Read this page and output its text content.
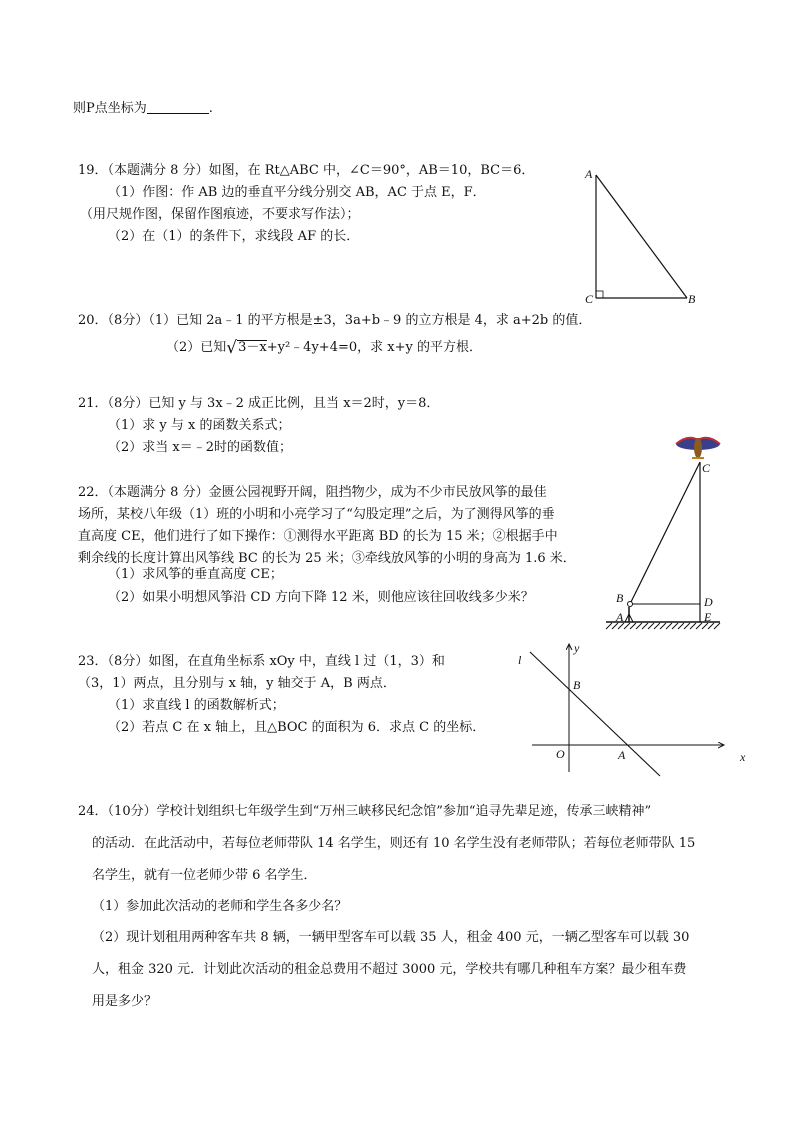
则P点坐标为	.
19．（本题满分 8 分）如图，在 Rt△ABC 中，∠C＝90°，AB＝10，BC＝6．
（1）作图：作 AB 边的垂直平分线分别交 AB，AC 于点 E，F．
（用尺规作图，保留作图痕迹，不要求写作法）；
（2）在（1）的条件下，求线段 AF 的长．
A
C	B
20．（8分）（1）已知 2a﹣1 的平方根是±3，3a+b﹣9 的立方根是 4，求 a+2b 的值．
（2）已知√3－x+y²﹣4y+4=0，求 x+y 的平方根．
21．（8分）已知 y 与 3x﹣2 成正比例，且当 x＝2时，y＝8．
（1）求 y 与 x 的函数关系式；
（2）求当 x＝﹣2时的函数值；
22．（本题满分 8 分）金匮公园视野开阔，阻挡物少，成为不少市民放风筝的最佳
场所，某校八年级（1）班的小明和小亮学习了“勾股定理”之后，为了测得风筝的垂
直高度 CE，他们进行了如下操作：①测得水平距离 BD 的长为 15 米；②根据手中
剩余线的长度计算出风筝线 BC 的长为 25 米；③牵线放风筝的小明的身高为 1.6 米．
（1）求风筝的垂直高度 CE；
（2）如果小明想风筝沿 CD 方向下降 12 米，则他应该往回收线多少米？
C
B	D
A	E
23．（8分）如图，在直角坐标系 xOy 中，直线 l 过（1，3）和
（3，1）两点，且分别与 x 轴，y 轴交于 A，B 两点．
（1）求直线 l 的函数解析式；
（2）若点 C 在 x 轴上，且△BOC 的面积为 6．求点 C 的坐标．
l
y
x
O	A
B
24．（10分）学校计划组织七年级学生到“万州三峡移民纪念馆”参加“追寻先辈足迹，传承三峡精神”
的活动．在此活动中，若每位老师带队 14 名学生，则还有 10 名学生没有老师带队；若每位老师带队 15
名学生，就有一位老师少带 6 名学生．
（1）参加此次活动的老师和学生各多少名？
（2）现计划租用两种客车共 8 辆，一辆甲型客车可以载 35 人，租金 400 元，一辆乙型客车可以载 30
人，租金 320 元．计划此次活动的租金总费用不超过 3000 元，学校共有哪几种租车方案？最少租车费
用是多少？
